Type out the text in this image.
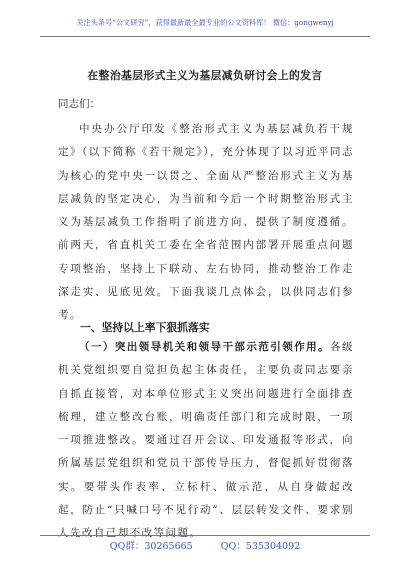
关注头条号“公文研究”，获得最新最全最专业的公文资料库！ 微信：gongwenyj
在整治基层形式主义为基层减负研讨会上的发言
同志们：

中央办公厅印发《整治形式主义为基层减负若干规定》（以下简称《若干规定》），充分体现了以习近平同志为核心的党中央一以贯之、全面从严整治形式主义为基层减负的坚定决心，为当前和今后一个时期整治形式主义为基层减负工作指明了前进方向、提供了制度遵循。前两天，省直机关工委在全省范围内部署开展重点问题专项整治，坚持上下联动、左右协同，推动整治工作走深走实、见底见效。下面我谈几点体会，以供同志们参考。

一、坚持以上率下狠抓落实

（一）突出领导机关和领导干部示范引领作用。各级机关党组织要自觉担负起主体责任，主要负责同志要亲自抓直接管，对本单位形式主义突出问题进行全面排查梳理，建立整改台账，明确责任部门和完成时限，一项一项推进整改。要通过召开会议、印发通报等形式，向所属基层党组织和党员干部传导压力，督促抓好贯彻落实。要带头作表率、立标杆、做示范，从自身做起改起，防止“只喊口号不见行动”、层层转发文件、要求别人先改自己却不改等问题。

QQ群：30265665	QQ：535304092
